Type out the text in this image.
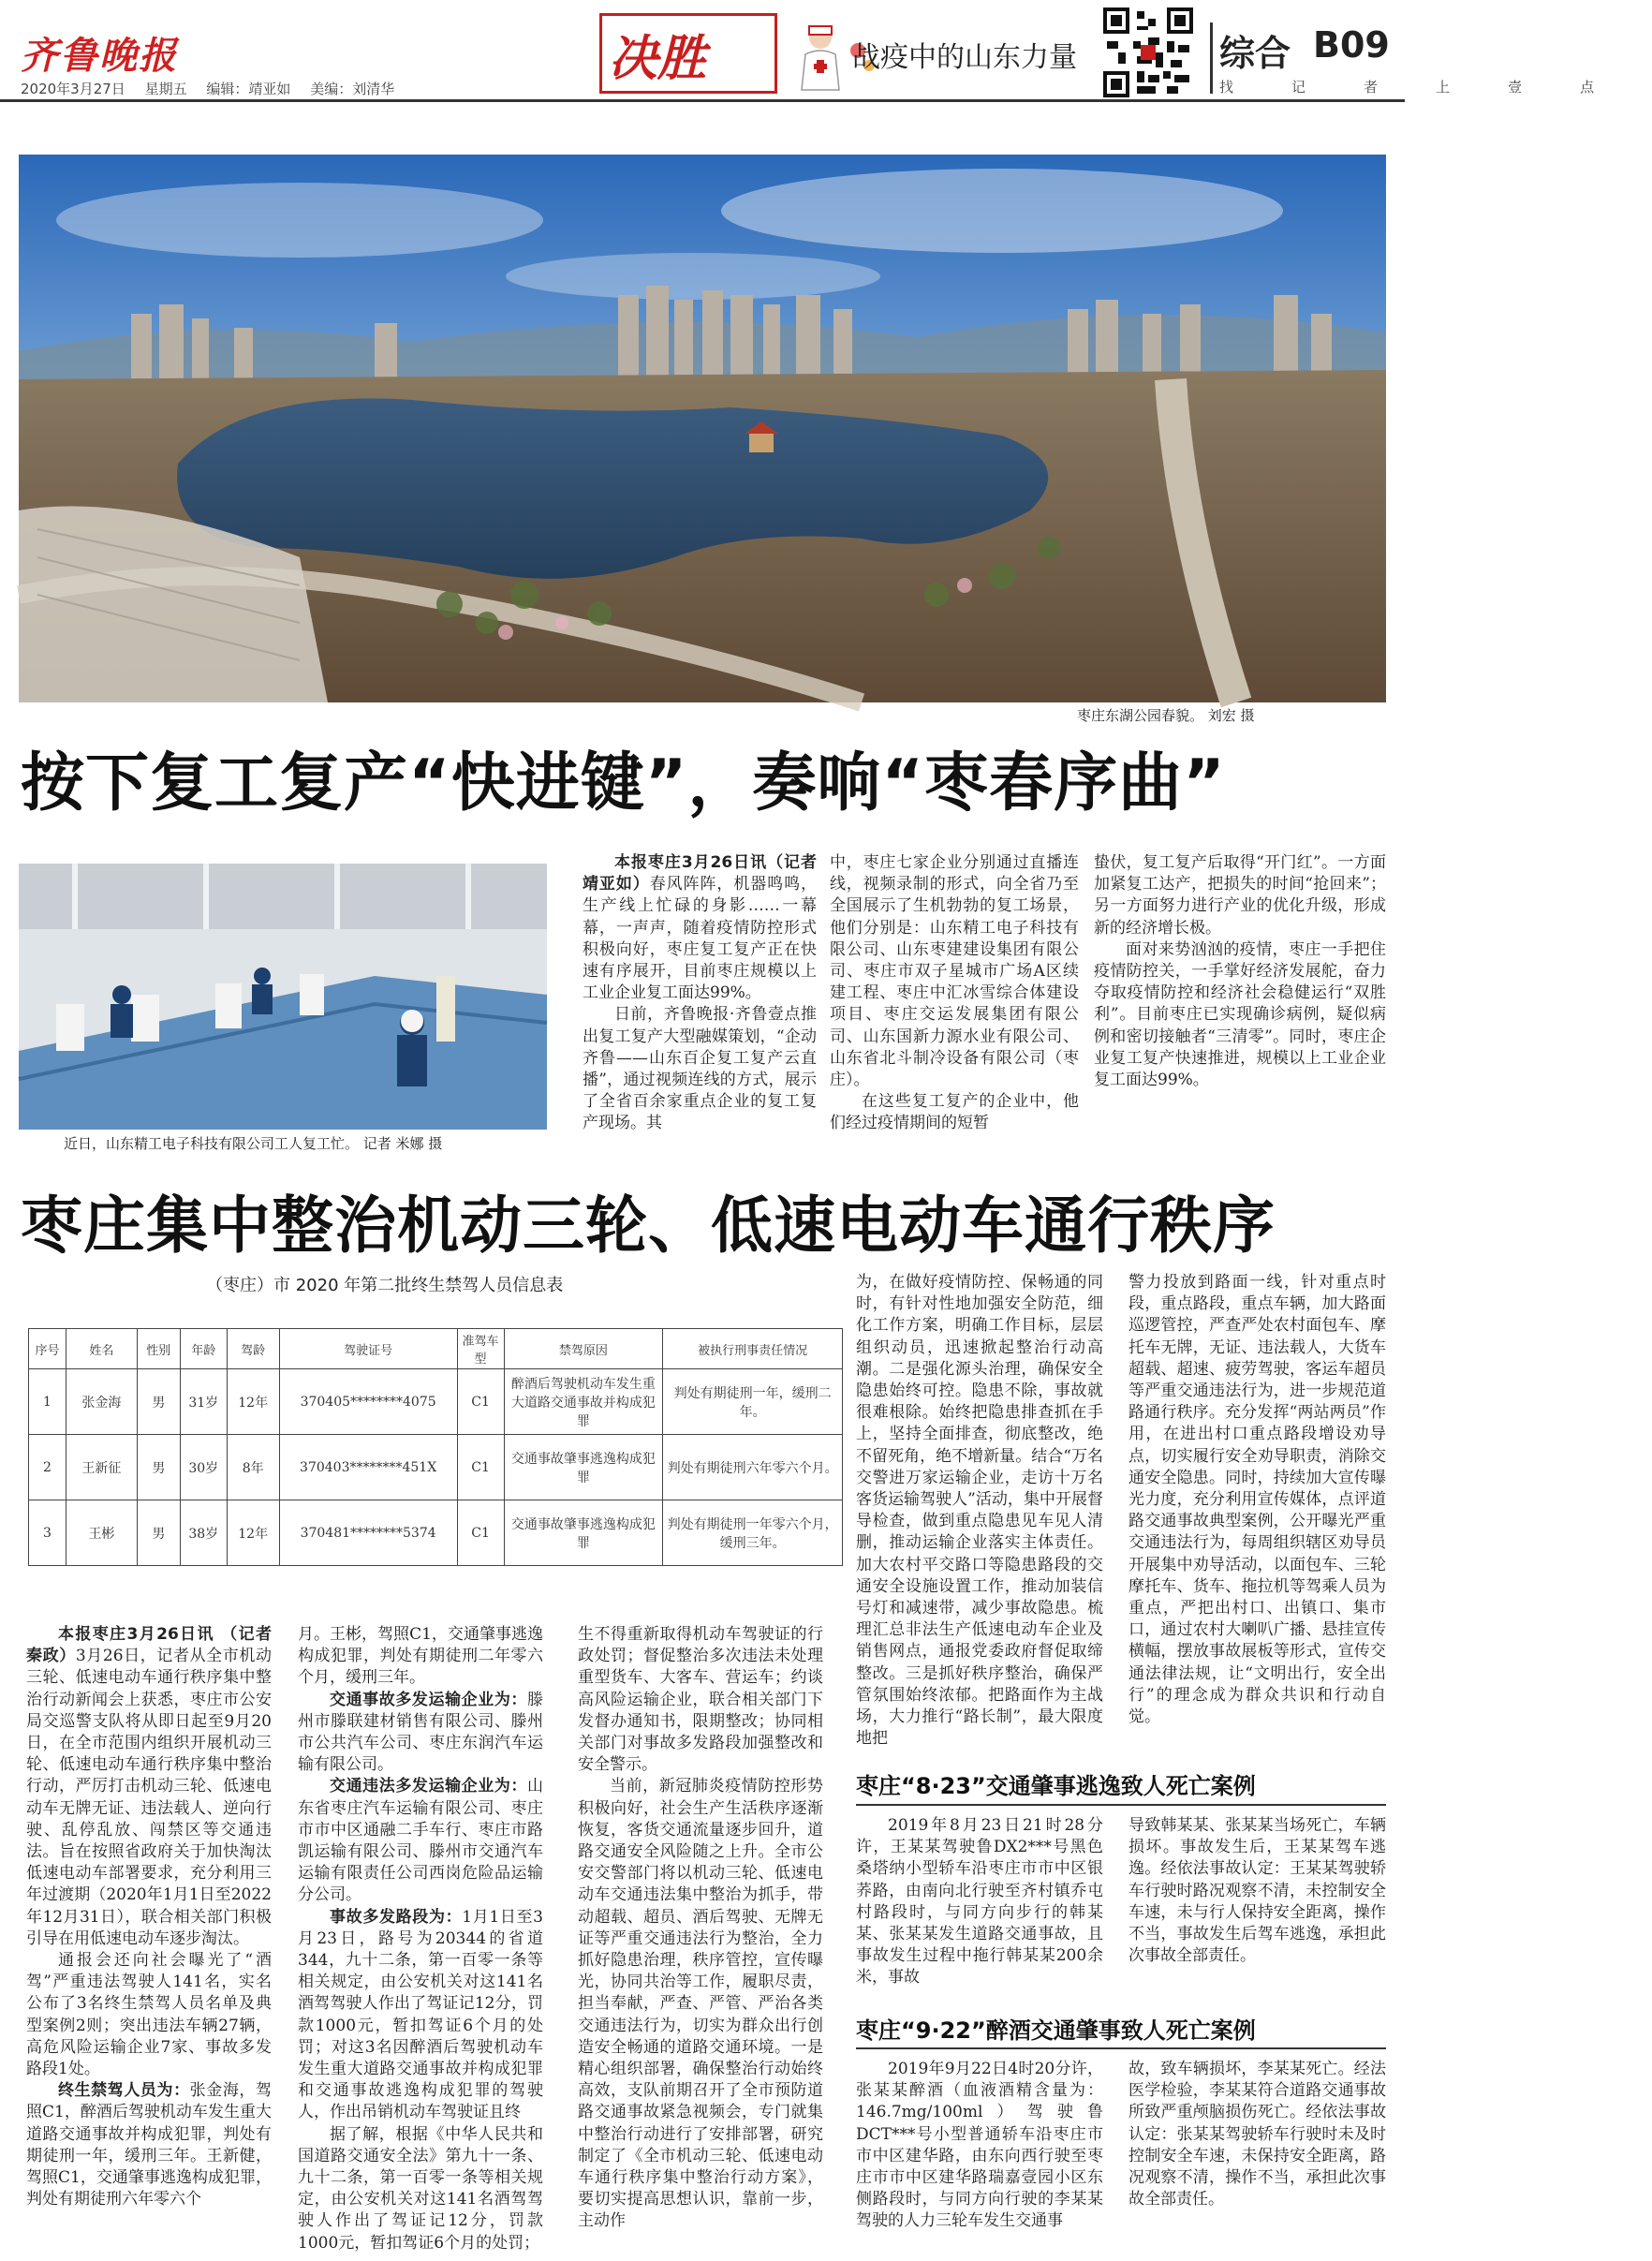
齐鲁晚报
2020年3月27日 星期五 编辑：靖亚如 美编：刘清华
决胜	战疫中的山东力量	综合 B09
找	记	者	上	壹	点
枣庄东湖公园春貌。 刘宏 摄
按下复工复产“快进键”，奏响“枣春序曲”
近日，山东精工电子科技有限公司工人复工忙。 记者 米娜 摄

本报枣庄3月26日讯（记者 靖亚如）春风阵阵，机器鸣鸣，生产线上忙碌的身影……一幕幕，一声声，随着疫情防控形式积极向好，枣庄复工复产正在快速有序展开，目前枣庄规模以上工业企业复工面达99%。

日前，齐鲁晚报·齐鲁壹点推出复工复产大型融媒策划，“企动齐鲁——山东百企复工复产云直播”，通过视频连线的方式，展示了全省百余家重点企业的复工复产现场。其

中，枣庄七家企业分别通过直播连线，视频录制的形式，向全省乃至全国展示了生机勃勃的复工场景，他们分别是：山东精工电子科技有限公司、山东枣建建设集团有限公司、枣庄市双子星城市广场A区续建工程、枣庄中汇冰雪综合体建设项目、枣庄交运发展集团有限公司、山东国新力源水业有限公司、山东省北斗制冷设备有限公司（枣庄）。

在这些复工复产的企业中，他们经过疫情期间的短暂

蛰伏，复工复产后取得“开门红”。一方面加紧复工达产，把损失的时间“抢回来”；另一方面努力进行产业的优化升级，形成新的经济增长极。

面对来势汹汹的疫情，枣庄一手把住疫情防控关，一手掌好经济发展舵，奋力夺取疫情防控和经济社会稳健运行“双胜利”。目前枣庄已实现确诊病例，疑似病例和密切接触者“三清零”。同时，枣庄企业复工复产快速推进，规模以上工业企业复工面达99%。

枣庄集中整治机动三轮、低速电动车通行秩序
（枣庄）市 2020 年第二批终生禁驾人员信息表
序号	姓名	性别	年龄	驾龄	驾驶证号	准驾车型	禁驾原因	被执行刑事责任情况
1	张金海	男	31岁	12年	370405********4075	C1	醉酒后驾驶机动车发生重大道路交通事故并构成犯罪	判处有期徒刑一年，缓刑二年。
2	王新征	男	30岁	8年	370403********451X	C1	交通事故肇事逃逸构成犯罪	判处有期徒刑六年零六个月。
3	王彬	男	38岁	12年	370481********5374	C1	交通事故肇事逃逸构成犯罪	判处有期徒刑一年零六个月，缓刑三年。

本报枣庄3月26日讯 （记者 秦政）3月26日，记者从全市机动三轮、低速电动车通行秩序集中整治行动新闻会上获悉，枣庄市公安局交巡警支队将从即日起至9月20日，在全市范围内组织开展机动三轮、低速电动车通行秩序集中整治行动，严厉打击机动三轮、低速电动车无牌无证、违法载人、逆向行驶、乱停乱放、闯禁区等交通违法。旨在按照省政府关于加快淘汰低速电动车部署要求，充分利用三年过渡期（2020年1月1日至2022年12月31日），联合相关部门积极引导在用低速电动车逐步淘汰。

通报会还向社会曝光了“酒驾”严重违法驾驶人141名，实名公布了3名终生禁驾人员名单及典型案例2则；突出违法车辆27辆，高危风险运输企业7家、事故多发路段1处。

终生禁驾人员为：张金海，驾照C1，醉酒后驾驶机动车发生重大道路交通事故并构成犯罪，判处有期徒刑一年，缓刑三年。王新健，驾照C1，交通肇事逃逸构成犯罪，判处有期徒刑六年零六个

月。王彬，驾照C1，交通肇事逃逸构成犯罪，判处有期徒刑二年零六个月，缓刑三年。

交通事故多发运输企业为：滕州市滕联建材销售有限公司、滕州市公共汽车公司、枣庄东润汽车运输有限公司。

交通违法多发运输企业为：山东省枣庄汽车运输有限公司、枣庄市市中区通融二手车行、枣庄市路凯运输有限公司、滕州市交通汽车运输有限责任公司西岗危险品运输分公司。

事故多发路段为：1月1日至3月23日，路号为20344的省道344，九十二条，第一百零一条等相关规定，由公安机关对这141名酒驾驾驶人作出了驾证记12分，罚款1000元，暂扣驾证6个月的处罚；对这3名因醉酒后驾驶机动车发生重大道路交通事故并构成犯罪和交通事故逃逸构成犯罪的驾驶人，作出吊销机动车驾驶证且终

据了解，根据《中华人民共和国道路交通安全法》第九十一条、九十二条，第一百零一条等相关规定，由公安机关对这141名酒驾驾驶人作出了驾证记12分，罚款1000元，暂扣驾证6个月的处罚；

生不得重新取得机动车驾驶证的行政处罚；督促整治多次违法未处理重型货车、大客车、营运车；约谈高风险运输企业，联合相关部门下发督办通知书，限期整改；协同相关部门对事故多发路段加强整改和安全警示。

当前，新冠肺炎疫情防控形势积极向好，社会生产生活秩序逐渐恢复，客货交通流量逐步回升，道路交通安全风险随之上升。全市公安交警部门将以机动三轮、低速电动车交通违法集中整治为抓手，带动超载、超员、酒后驾驶、无牌无证等严重交通违法行为整治，全力抓好隐患治理，秩序管控，宣传曝光，协同共治等工作，履职尽责，担当奉献，严查、严管、严治各类交通违法行为，切实为群众出行创造安全畅通的道路交通环境。一是精心组织部署，确保整治行动始终高效，支队前期召开了全市预防道路交通事故紧急视频会，专门就集中整治行动进行了安排部署，研究制定了《全市机动三轮、低速电动车通行秩序集中整治行动方案》，要切实提高思想认识，靠前一步，主动作

为，在做好疫情防控、保畅通的同时，有针对性地加强安全防范，细化工作方案，明确工作目标，层层组织动员，迅速掀起整治行动高潮。二是强化源头治理，确保安全隐患始终可控。隐患不除，事故就很难根除。始终把隐患排查抓在手上，坚持全面排查，彻底整改，绝不留死角，绝不增新量。结合“万名交警进万家运输企业，走访十万名客货运输驾驶人”活动，集中开展督导检查，做到重点隐患见车见人清删，推动运输企业落实主体责任。加大农村平交路口等隐患路段的交通安全设施设置工作，推动加装信号灯和减速带，减少事故隐患。梳理汇总非法生产低速电动车企业及销售网点，通报党委政府督促取缔整改。三是抓好秩序整治，确保严管氛围始终浓郁。把路面作为主战场，大力推行“路长制”，最大限度地把

警力投放到路面一线，针对重点时段，重点路段，重点车辆，加大路面巡逻管控，严查严处农村面包车、摩托车无牌，无证、违法载人，大货车超载、超速、疲劳驾驶，客运车超员等严重交通违法行为，进一步规范道路通行秩序。充分发挥“两站两员”作用，在进出村口重点路段增设劝导点，切实履行安全劝导职责，消除交通安全隐患。同时，持续加大宣传曝光力度，充分利用宣传媒体，点评道路交通事故典型案例，公开曝光严重交通违法行为，每周组织辖区劝导员开展集中劝导活动，以面包车、三轮摩托车、货车、拖拉机等驾乘人员为重点，严把出村口、出镇口、集市口，通过农村大喇叭广播、悬挂宣传横幅，摆放事故展板等形式，宣传交通法律法规，让“文明出行，安全出行”的理念成为群众共识和行动自觉。

枣庄“8·23”交通肇事逃逸致人死亡案例

2019年8月23日21时28分许，王某某驾驶鲁DX2***号黑色桑塔纳小型轿车沿枣庄市市中区银荞路，由南向北行驶至齐村镇乔屯村路段时，与同方向步行的韩某某、张某某发生道路交通事故，且事故发生过程中拖行韩某某200余米，事故

导致韩某某、张某某当场死亡，车辆损坏。事故发生后，王某某驾车逃逸。经依法事故认定：王某某驾驶轿车行驶时路况观察不清，未控制安全车速，未与行人保持安全距离，操作不当，事故发生后驾车逃逸，承担此次事故全部责任。

枣庄“9·22”醉酒交通肇事致人死亡案例

2019年9月22日4时20分许，张某某醉酒（血液酒精含量为：146.7mg/100ml）驾驶鲁DCT***号小型普通轿车沿枣庄市市中区建华路，由东向西行驶至枣庄市市中区建华路瑞嘉壹园小区东侧路段时，与同方向行驶的李某某驾驶的人力三轮车发生交通事

故，致车辆损坏，李某某死亡。经法医学检验，李某某符合道路交通事故所致严重颅脑损伤死亡。经依法事故认定：张某某驾驶轿车行驶时未及时控制安全车速，未保持安全距离，路况观察不清，操作不当，承担此次事故全部责任。
